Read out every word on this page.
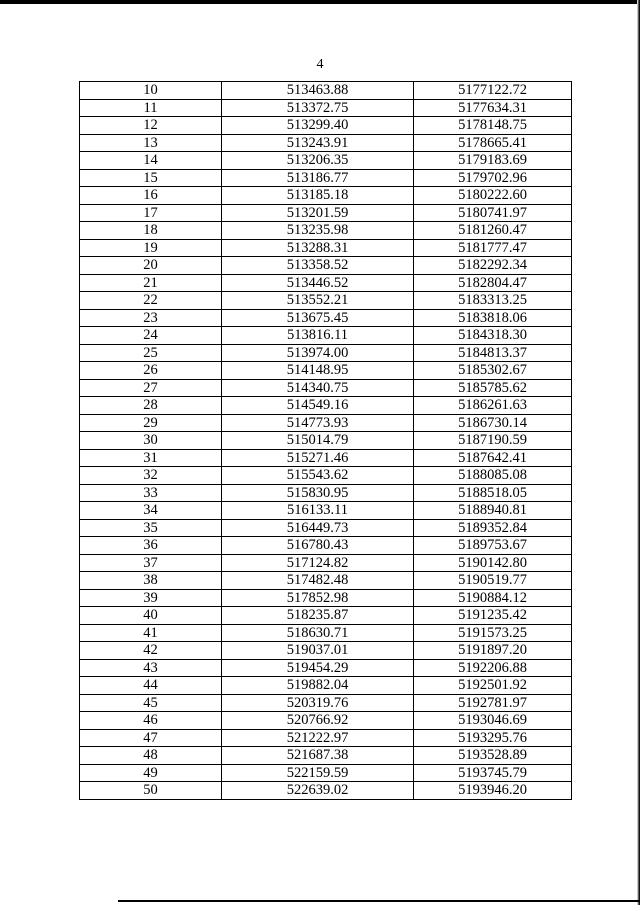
4
10	513463.88	5177122.72
11	513372.75	5177634.31
12	513299.40	5178148.75
13	513243.91	5178665.41
14	513206.35	5179183.69
15	513186.77	5179702.96
16	513185.18	5180222.60
17	513201.59	5180741.97
18	513235.98	5181260.47
19	513288.31	5181777.47
20	513358.52	5182292.34
21	513446.52	5182804.47
22	513552.21	5183313.25
23	513675.45	5183818.06
24	513816.11	5184318.30
25	513974.00	5184813.37
26	514148.95	5185302.67
27	514340.75	5185785.62
28	514549.16	5186261.63
29	514773.93	5186730.14
30	515014.79	5187190.59
31	515271.46	5187642.41
32	515543.62	5188085.08
33	515830.95	5188518.05
34	516133.11	5188940.81
35	516449.73	5189352.84
36	516780.43	5189753.67
37	517124.82	5190142.80
38	517482.48	5190519.77
39	517852.98	5190884.12
40	518235.87	5191235.42
41	518630.71	5191573.25
42	519037.01	5191897.20
43	519454.29	5192206.88
44	519882.04	5192501.92
45	520319.76	5192781.97
46	520766.92	5193046.69
47	521222.97	5193295.76
48	521687.38	5193528.89
49	522159.59	5193745.79
50	522639.02	5193946.20
